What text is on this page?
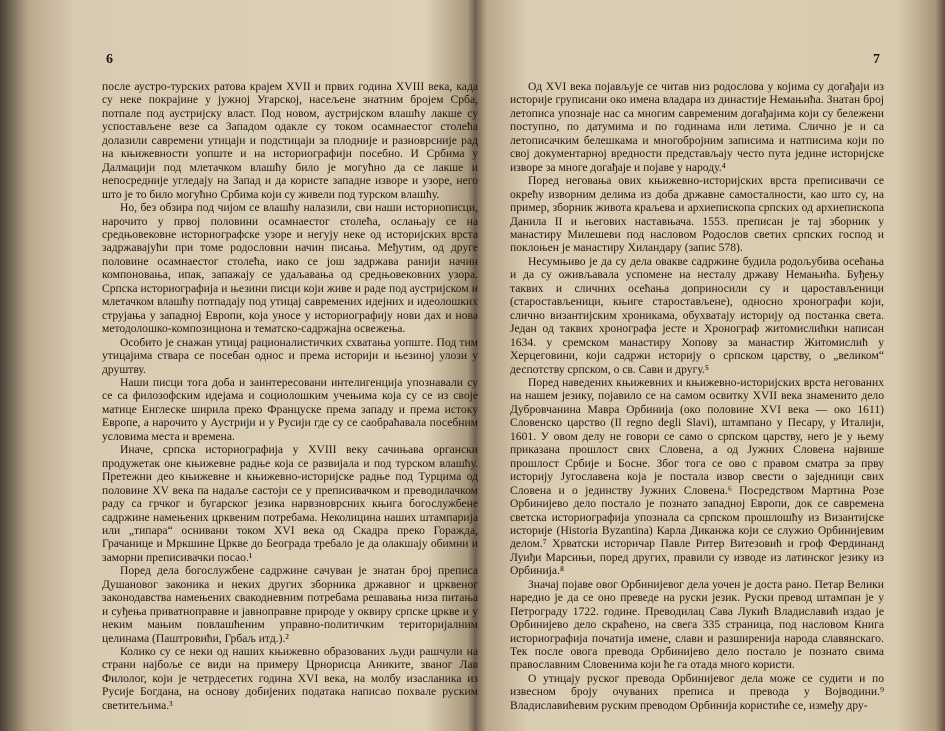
6

после аустро-турских ратова крајем XVII и првих година XVIII века, када су неке покрајине у јужној Угарској, насељене знатним бројем Срба, потпале под аустријску власт. Под новом, аустријском влашћу лакше су успостављене везе са Западом одакле су током осамнаестог столећа долазили савремени утицаји и подстицаји за плодније и разноврсније рад на књижевности уопште и на историографији посебно. И Србима у Далмацији под млетачком влашћу било је могућно да се лакше и непосредније угледају на Запад и да користе западне изворе и узоре, него што је то било могућно Србима који су живели под турском влашћу.

Но, без обзира под чијом се влашћу налазили, сви наши историописци, нарочито у првој половини осамнаестог столећа, ослањају се на средњовековне историографске узоре и негују неке од историјских врста задржавајући при томе родословни начин писања. Међутим, од друге половине осамнаестог столећа, иако се још задржава ранији начин компоновања, ипак, запажају се удаљавања од средњовековних узора. Српска историографија и њезини писци који живе и раде под аустријском и млетачком влашћу потпадају под утицај савремених идејних и идеолошких струјања у западној Европи, која уносе у историографију нови дах и нова методолошко-композициона и тематско-садржајна освежења.

Особито је снажан утицај рационалистичких схватања уопште. Под тим утицајима ствара се посебан однос и према историји и њезиној улози у друштву.

Наши писци тога доба и заинтересовани интелигенција упознавали су се са филозофским идејама и социолошким учењима која су се из своје матице Енглеске ширила преко Француске према западу и према истоку Европе, а нарочито у Аустрији и у Русији где су се саобраћавала посебним условима места и времена.

Иначе, српска историографија у XVIII веку сачињава органски продужетак оне књижевне радње која се развијала и под турском влашћу. Претежни део књижевне и књижевно-историјске радње под Турцима од половине XV века па надаље састоји се у преписивачком и преводилачком раду са грчког и бугарског језика нарвзноврсних књига богослужбене садржине намењених црквеним потребама. Неколицина наших штампарија или „типара“ оснивани током XVI века од Скадра преко Горажда, Грачанице и Мркшине Цркве до Београда требало је да олакшају обимни и заморни преписивачки посао.¹

Поред дела богослужбене садржине сачуван је знатан број преписа Душановог законика и неких других зборника државног и црквеног законодавства намењених свакодневним потребама решавања низа питања и суђења приватноправне и јавноправне природе у оквиру српске цркве и у неким мањим повлашћеним управно-политичким територијалним целинама (Паштровићи, Грбаљ итд.).²

Колико су се неки од наших књижевно образованих људи рашчули на страни најбоље се види на примеру Црнорисца Аниките, званог Лав Филолог, који је четрдесетих година XVI века, на молбу изасланика из Русије Богдана, на основу добијених података написао похвале руским светитељима.³

7

Од XVI века појављује се читав низ родослова у којима су догађаји из историје груписани око имена владара из династије Немањића. Знатан број летописа упознаје нас са многим савременим догађајима који су бележени поступно, по датумима и по годинама или летима. Слично је и са летописачким белешкама и многобројним записима и натписима који по свој документарној вредности представљају често пута једине историјске изворе за многе догађаје и појаве у народу.⁴

Поред неговања ових књижевно-историјских врста преписивачи се окрећу изворним делима из доба државне самосталности, као што су, на пример, зборник живота краљева и архиепископа српских од архиепископа Данила II и његових наставњача. 1553. преписан је тај зборник у манастиру Милешеви под насловом Родослов светих српских господ и поклоњен је манастиру Хиландару (запис 578).

Несумњиво је да су дела овакве садржине будила родољубива осећања и да су оживљавала успомене на несталу државу Немањића. Буђењу таквих и сличних осећања доприносили су и царостављеници (старостављеници, књиге старостављене), односно хронографи који, слично византијским хроникама, обухватају историју од постанка света. Један од таквих хронографа јесте и Хронограф житомислићки написан 1634. у сремском манастиру Хопову за манастир Житомислић у Херцеговини, који садржи историју о српском царству, о „великом“ деспотству српском, о св. Сави и другу.⁵

Поред наведених књижевних и књижевно-историјских врста негованих на нашем језику, појавило се на самом освитку XVII века знаменито дело Дубровчанина Мавра Орбинија (око половине XVI века — око 1611) Словенско царство (Il regno degli Slavi), штампано у Песару, у Италији, 1601. У овом делу не говори се само о српском царству, него је у њему приказана прошлост свих Словена, а од Јужних Словена највише прошлост Србије и Босне. Због тога се ово с правом сматра за прву историју Југославена која је постала извор свести о заједници свих Словена и о јединству Јужних Словена.⁶ Посредством Мартина Розе Орбинијево дело постало је познато западној Европи, док се савремена светска историографија упознала са српском прошлошћу из Византијске историје (Historia Byzantina) Карла Диканжа који се служио Орбинијевим делом.⁷ Хрватски историчар Павле Ритер Витезовић и гроф Фердинанд Луиђи Марсињи, поред других, правили су изводе из латинског језику из Орбинија.⁸

Значај појаве овог Орбинијевог дела уочен је доста рано. Петар Велики наредио је да се оно преведе на руски језик. Руски превод штампан је у Петрограду 1722. године. Преводилац Сава Лукић Владиславић издао је Орбинијево дело скраћено, на свега 335 страница, под насловом Книга историографија початија имене, слави и разширенија народа славянскаго. Тек после овога превода Орбинијево дело постало је познато свима православним Словенима који ће га отада много користи.

О утицају руског превода Орбинијевог дела може се судити и по извесном броју очуваних преписа и превода у Војводини.⁹ Владиславићевим руским преводом Орбинија користиће се, између дру-
